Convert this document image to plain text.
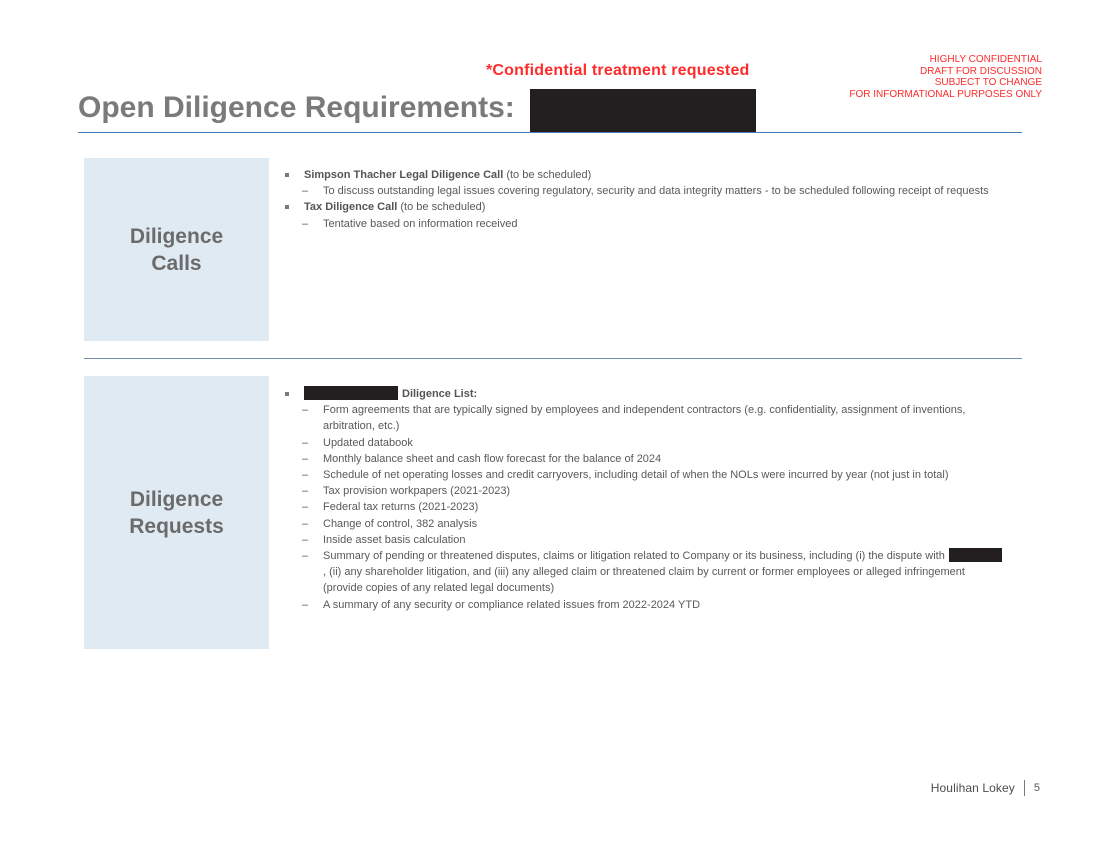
*Confidential treatment requested
HIGHLY CONFIDENTIAL
DRAFT FOR DISCUSSION
SUBJECT TO CHANGE
FOR INFORMATIONAL PURPOSES ONLY
Open Diligence Requirements:
Diligence
Calls
Simpson Thacher Legal Diligence Call (to be scheduled)
– To discuss outstanding legal issues covering regulatory, security and data integrity matters - to be scheduled following receipt of requests
Tax Diligence Call (to be scheduled)
– Tentative based on information received
Diligence
Requests
Diligence List:
– Form agreements that are typically signed by employees and independent contractors (e.g. confidentiality, assignment of inventions, arbitration, etc.)
– Updated databook
– Monthly balance sheet and cash flow forecast for the balance of 2024
– Schedule of net operating losses and credit carryovers, including detail of when the NOLs were incurred by year (not just in total)
– Tax provision workpapers (2021-2023)
– Federal tax returns (2021-2023)
– Change of control, 382 analysis
– Inside asset basis calculation
– Summary of pending or threatened disputes, claims or litigation related to Company or its business, including (i) the dispute with , (ii) any shareholder litigation, and (iii) any alleged claim or threatened claim by current or former employees or alleged infringement (provide copies of any related legal documents)
– A summary of any security or compliance related issues from 2022-2024 YTD
Houlihan Lokey 5
